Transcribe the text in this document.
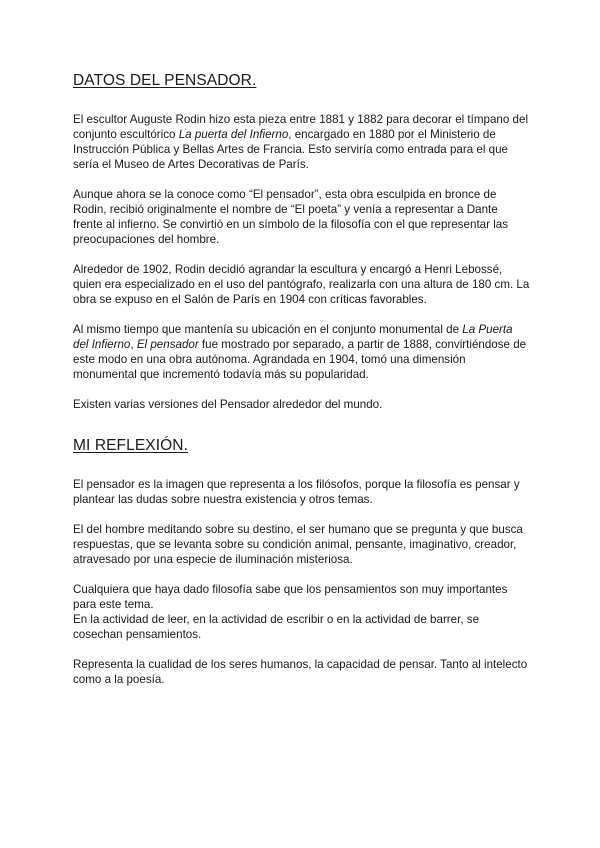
DATOS DEL PENSADOR.

El escultor Auguste Rodin hizo esta pieza entre 1881 y 1882 para decorar el tímpano del conjunto escultórico La puerta del Infierno, encargado en 1880 por el Ministerio de Instrucción Pública y Bellas Artes de Francia. Esto serviría como entrada para el que sería el Museo de Artes Decorativas de París.

Aunque ahora se la conoce como “El pensador”, esta obra esculpida en bronce de Rodin, recibió originalmente el nombre de “El poeta” y venía a representar a Dante frente al infierno. Se convirtió en un símbolo de la filosofía con el que representar las preocupaciones del hombre.

Alrededor de 1902, Rodin decidió agrandar la escultura y encargó a Henri Lebossé, quien era especializado en el uso del pantógrafo, realizarla con una altura de 180 cm. La obra se expuso en el Salón de París en 1904 con críticas favorables.

Al mismo tiempo que mantenía su ubicación en el conjunto monumental de La Puerta del Infierno, El pensador fue mostrado por separado, a partir de 1888, convirtiéndose de este modo en una obra autónoma. Agrandada en 1904, tomó una dimensión monumental que incrementó todavía más su popularidad.

Existen varias versiones del Pensador alrededor del mundo.

MI REFLEXIÓN.

El pensador es la imagen que representa a los filósofos, porque la filosofía es pensar y plantear las dudas sobre nuestra existencia y otros temas.

El del hombre meditando sobre su destino, el ser humano que se pregunta y que busca respuestas, que se levanta sobre su condición animal, pensante, imaginativo, creador, atravesado por una especie de iluminación misteriosa.

Cualquiera que haya dado filosofía sabe que los pensamientos son muy importantes para este tema.
En la actividad de leer, en la actividad de escribir o en la actividad de barrer, se cosechan pensamientos.

Representa la cualidad de los seres humanos, la capacidad de pensar. Tanto al intelecto como a la poesía.
